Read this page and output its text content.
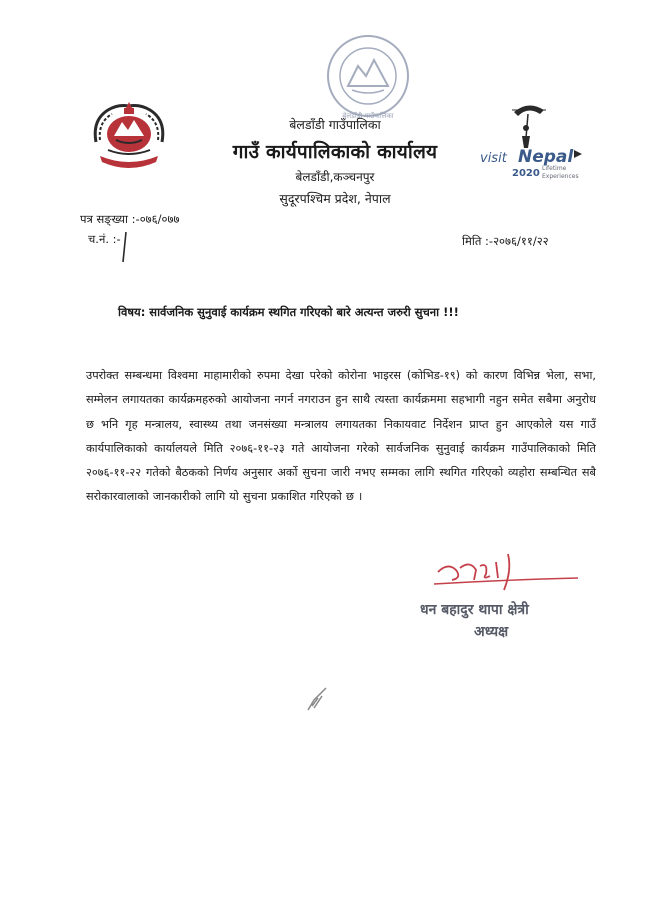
बेलडाँडी गाउँपालिका
visit Nepal
2020 Lifetime
Experiences
बेलडाँडी गाउँपालिका
गाउँ कार्यपालिकाको कार्यालय
बेलडाँडी,कञ्चनपुर
सुदूरपश्चिम प्रदेश, नेपाल
पत्र सङ्ख्या :-०७६/०७७
च.नं. :-	मिति :-२०७६/११/२२
विषय: सार्वजनिक सुनुवाई कार्यक्रम स्थगित गरिएको बारे अत्यन्त जरुरी सुचना !!!
उपरोक्त सम्बन्धमा विश्वमा माहामारीको रुपमा देखा परेको कोरोना भाइरस (कोभिड-१९) को कारण विभिन्न भेला, सभा, सम्मेलन लगायतका कार्यक्रमहरुको आयोजना नगर्न नगराउन हुन साथै त्यस्ता कार्यक्रममा सहभागी नहुन समेत सबैमा अनुरोध छ भनि गृह मन्त्रालय, स्वास्थ्य तथा जनसंख्या मन्त्रालय लगायतका निकायवाट निर्देशन प्राप्त हुन आएकोले यस गाउँ कार्यपालिकाको कार्यालयले मिति २०७६-११-२३ गते आयोजना गरेको सार्वजनिक सुनुवाई कार्यक्रम गाउँपालिकाको मिति २०७६-११-२२ गतेको बैठकको निर्णय अनुसार अर्को सुचना जारी नभए सम्मका लागि स्थगित गरिएको व्यहोरा सम्बन्धित सबै सरोकारवालाको जानकारीको लागि यो सुचना प्रकाशित गरिएको छ ।
धन बहादुर थापा क्षेत्री
अध्यक्ष
